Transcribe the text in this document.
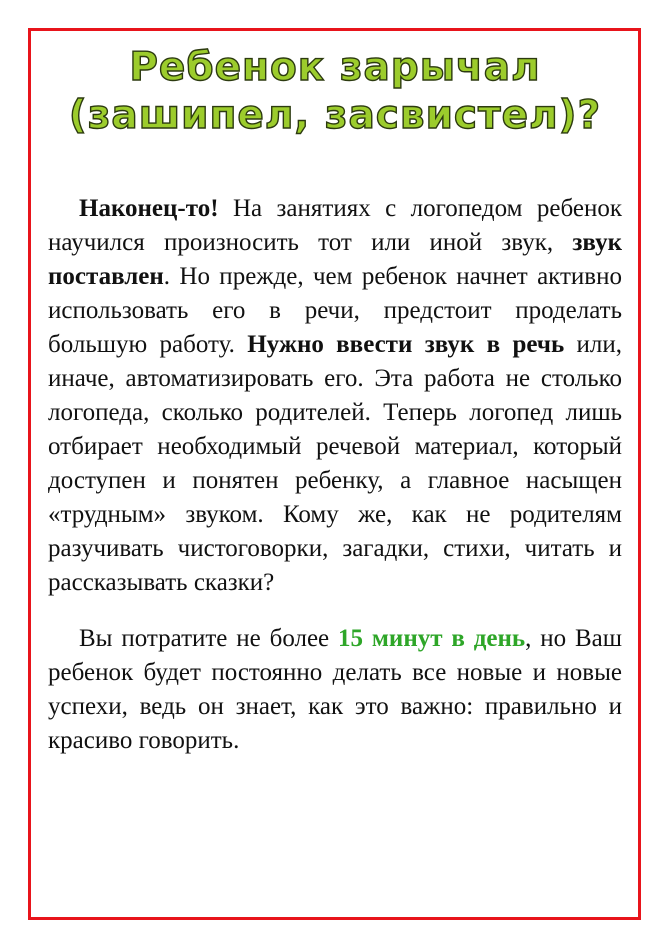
Ребенок зарычал
(зашипел, засвистел)?

Наконец-то! На занятиях с логопедом ребенок научился произносить тот или иной звук, звук поставлен. Но прежде, чем ребенок начнет активно использовать его в речи, предстоит проделать большую работу. Нужно ввести звук в речь или, иначе, автоматизировать его. Эта работа не столько логопеда, сколько родителей. Теперь логопед лишь отбирает необходимый речевой материал, который доступен и понятен ребенку, а главное насыщен «трудным» звуком. Кому же, как не родителям разучивать чистоговорки, загадки, стихи, читать и рассказывать сказки?

Вы потратите не более 15 минут в день, но Ваш ребенок будет постоянно делать все новые и новые успехи, ведь он знает, как это важно: правильно и красиво говорить.
